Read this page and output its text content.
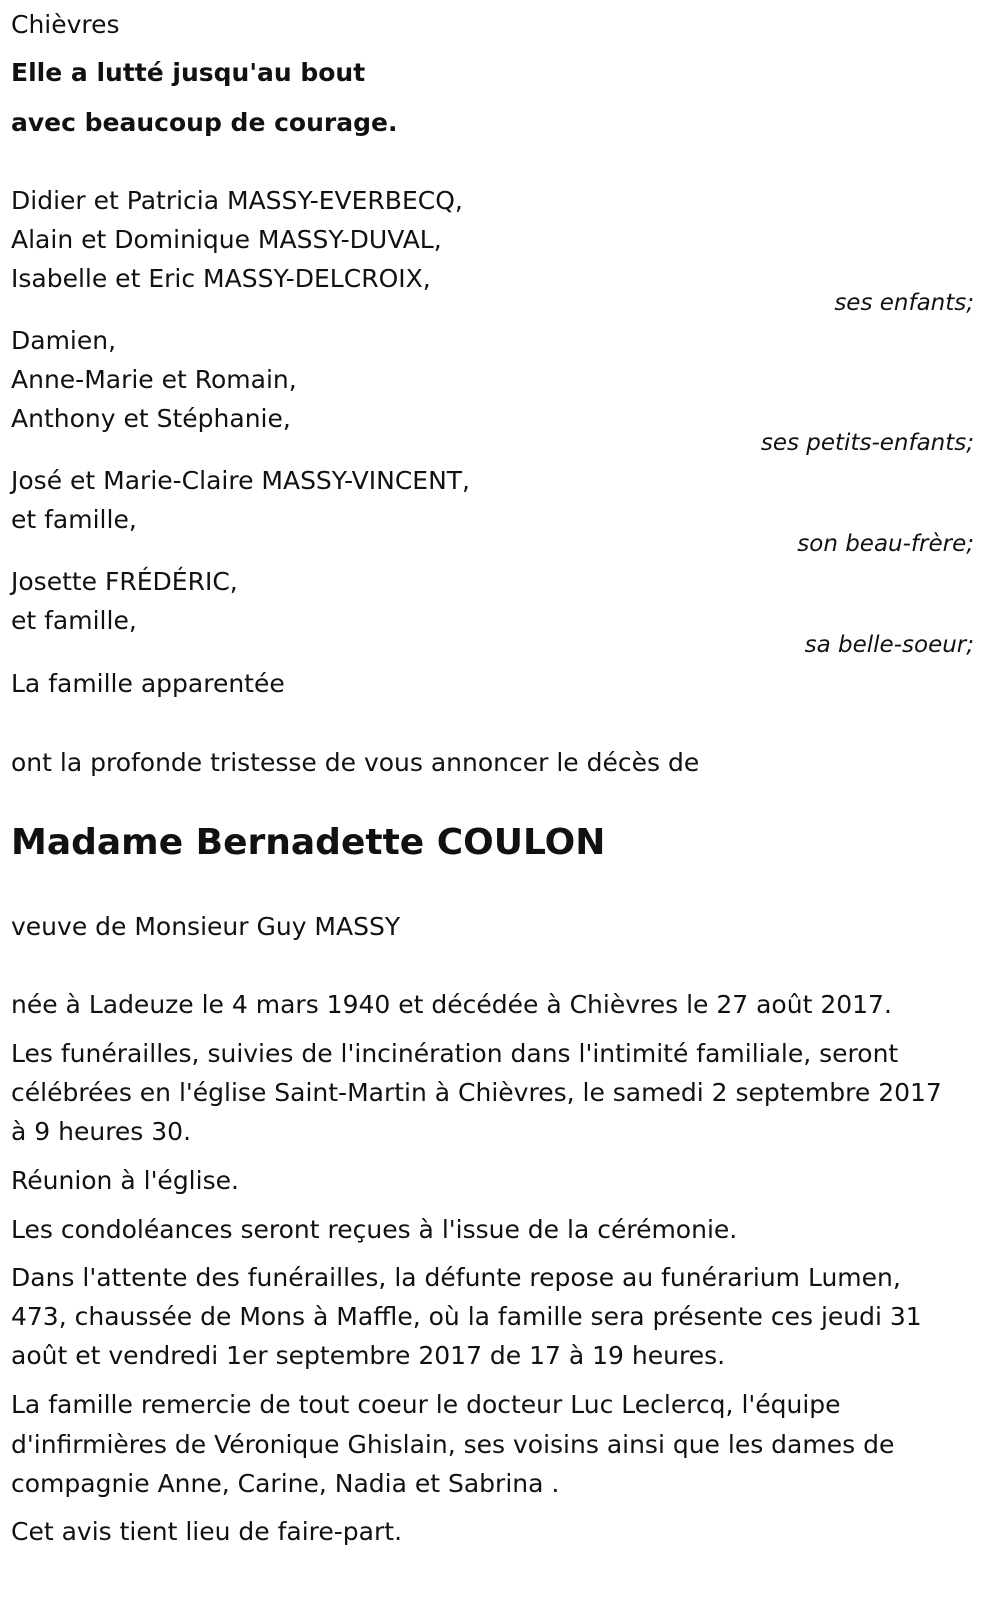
Chièvres

Elle a lutté jusqu'au bout

avec beaucoup de courage.

Didier et Patricia MASSY-EVERBECQ,

Alain et Dominique MASSY-DUVAL,

Isabelle et Eric MASSY-DELCROIX,

ses enfants;

Damien,

Anne-Marie et Romain,

Anthony et Stéphanie,

ses petits-enfants;

José et Marie-Claire MASSY-VINCENT,

et famille,

son beau-frère;

Josette FRÉDÉRIC,

et famille,

sa belle-soeur;

La famille apparentée

ont la profonde tristesse de vous annoncer le décès de

Madame Bernadette COULON

veuve de Monsieur Guy MASSY

née à Ladeuze le 4 mars 1940 et décédée à Chièvres le 27 août 2017.

Les funérailles, suivies de l'incinération dans l'intimité familiale, seront

célébrées en l'église Saint-Martin à Chièvres, le samedi 2 septembre 2017

à 9 heures 30.

Réunion à l'église.

Les condoléances seront reçues à l'issue de la cérémonie.

Dans l'attente des funérailles, la défunte repose au funérarium Lumen,

473, chaussée de Mons à Maffle, où la famille sera présente ces jeudi 31

août et vendredi 1er septembre 2017 de 17 à 19 heures.

La famille remercie de tout coeur le docteur Luc Leclercq, l'équipe

d'infirmières de Véronique Ghislain, ses voisins ainsi que les dames de

compagnie Anne, Carine, Nadia et Sabrina .

Cet avis tient lieu de faire-part.
